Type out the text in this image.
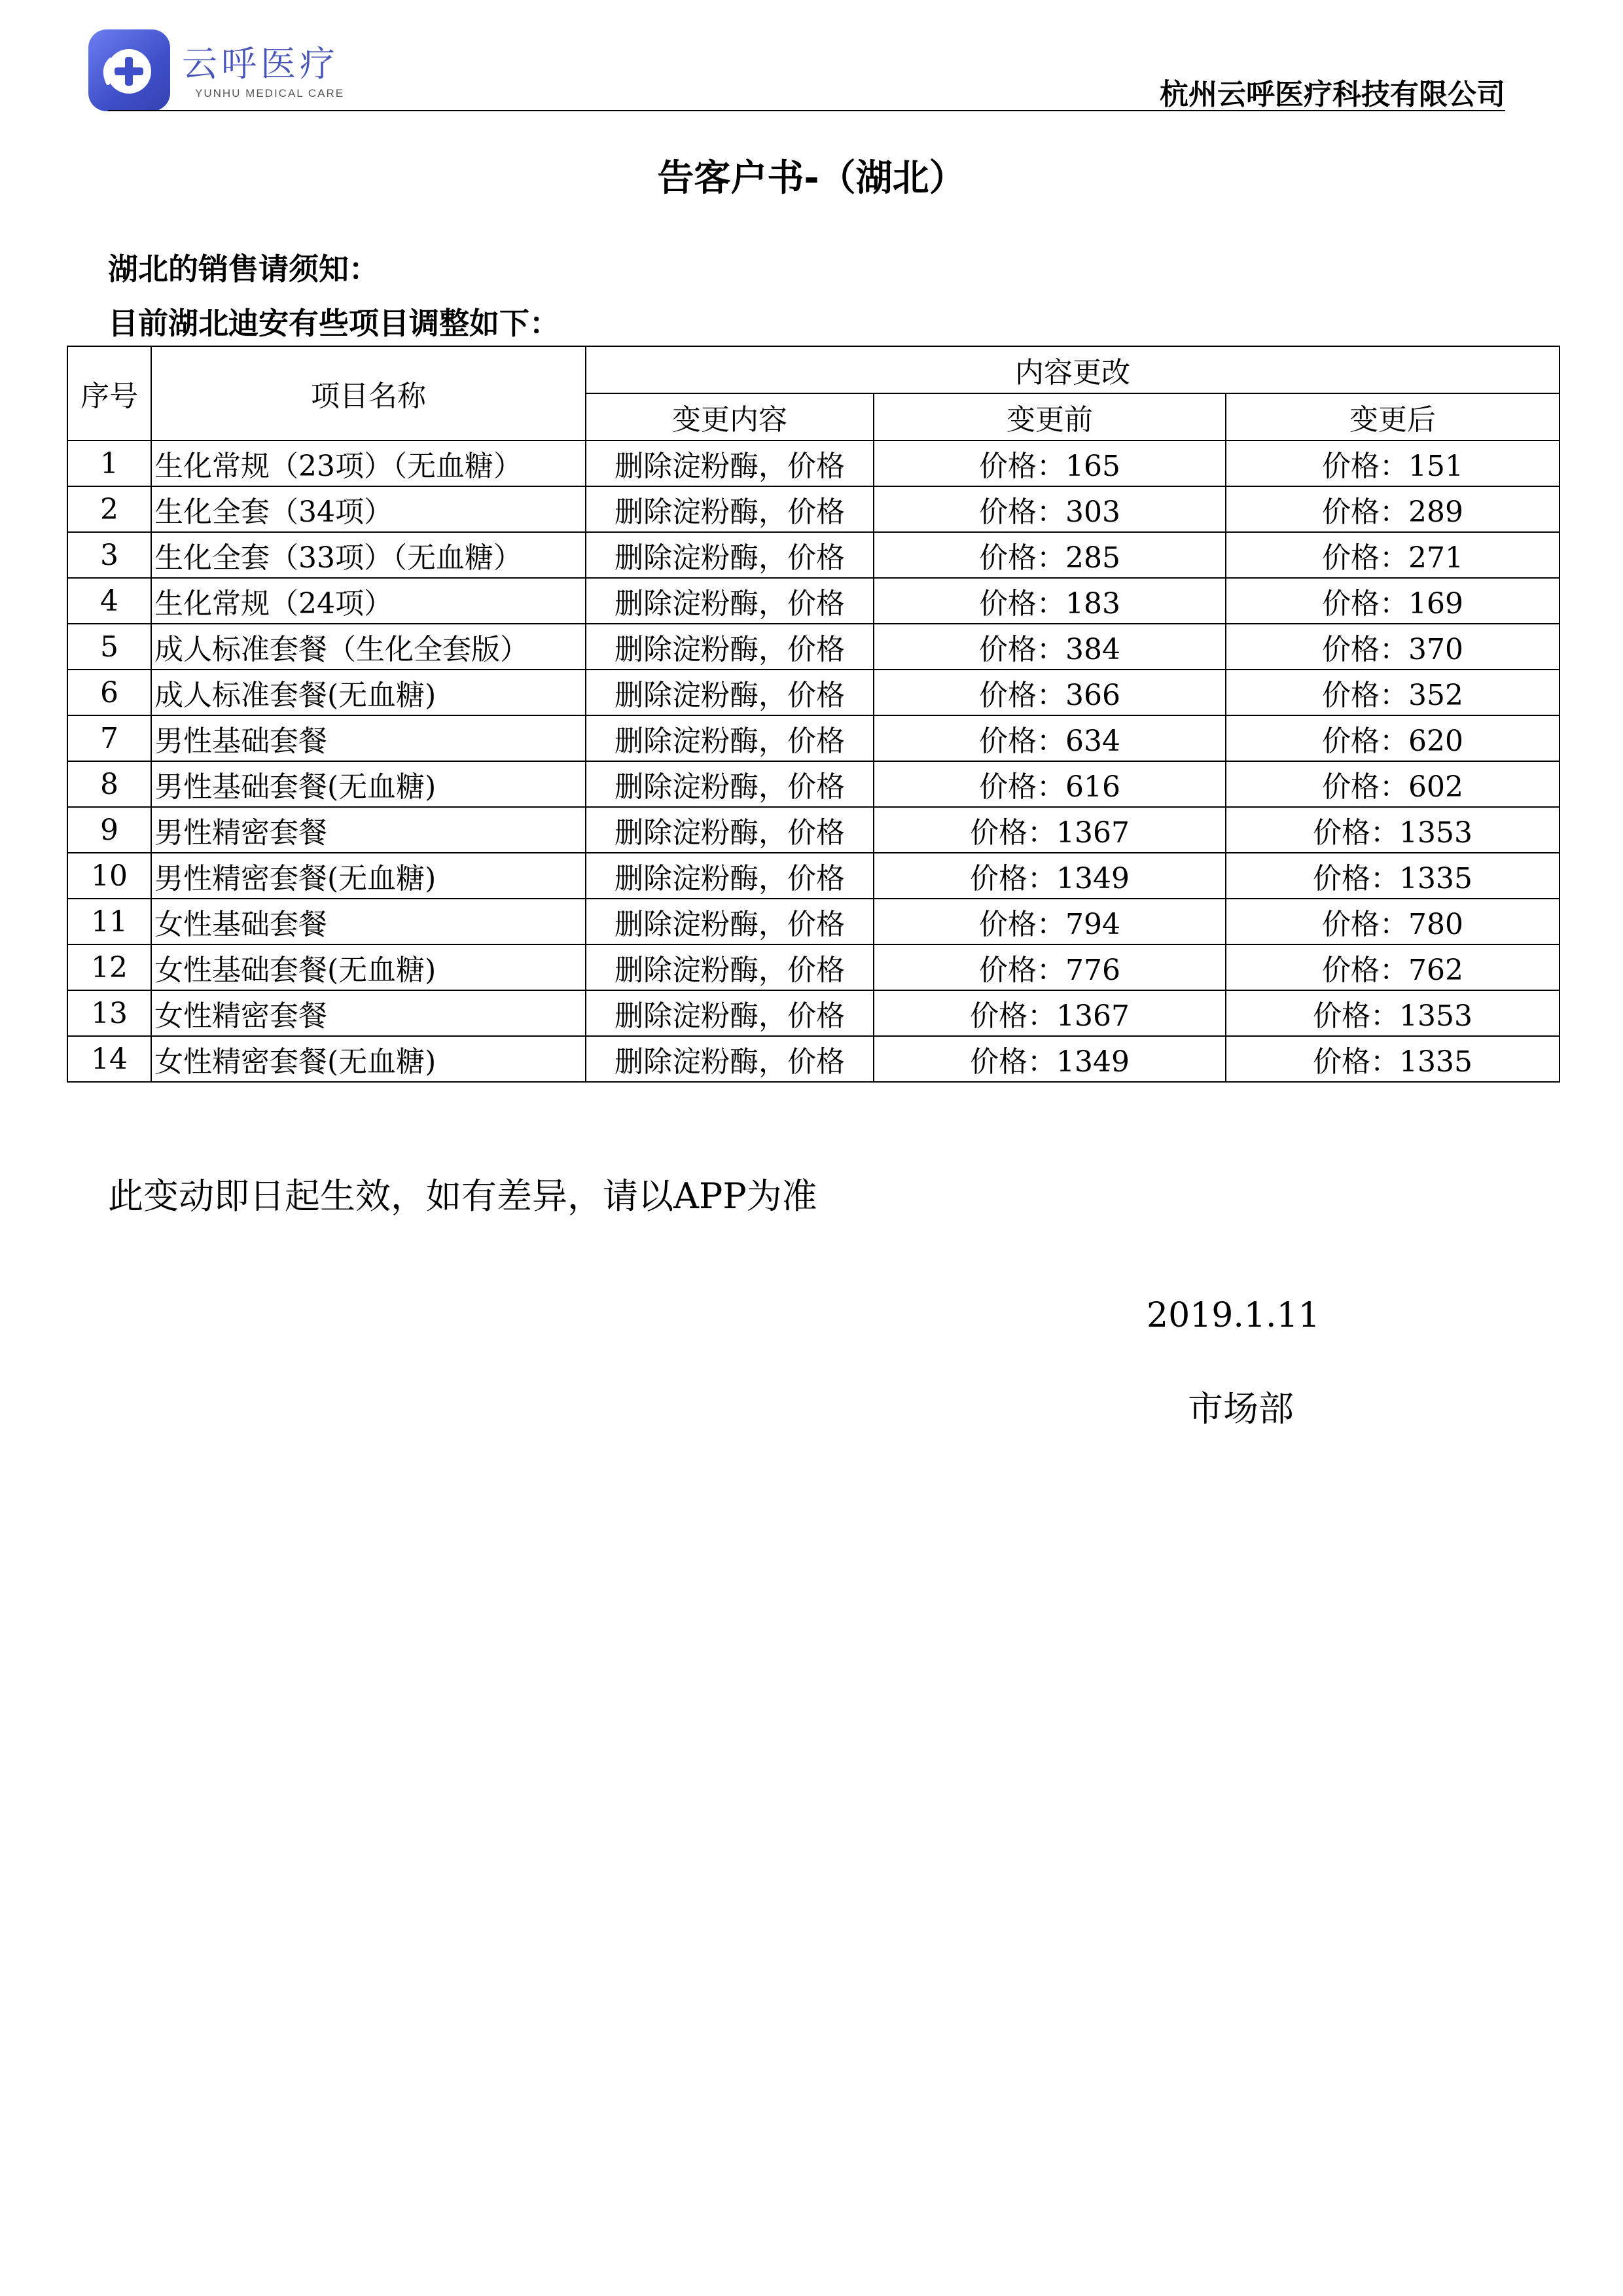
云呼医疗
YUNHU MEDICAL CARE	杭州云呼医疗科技有限公司
告客户书-（湖北）
湖北的销售请须知：
目前湖北迪安有些项目调整如下：
序号	项目名称	内容更改		
		变更内容	变更前	变更后
1	生化常规（23项）（无血糖）	删除淀粉酶，价格	价格：165	价格：151
2	生化全套（34项）	删除淀粉酶，价格	价格：303	价格：289
3	生化全套（33项）（无血糖）	删除淀粉酶，价格	价格：285	价格：271
4	生化常规（24项）	删除淀粉酶，价格	价格：183	价格：169
5	成人标准套餐（生化全套版）	删除淀粉酶，价格	价格：384	价格：370
6	成人标准套餐(无血糖)	删除淀粉酶，价格	价格：366	价格：352
7	男性基础套餐	删除淀粉酶，价格	价格：634	价格：620
8	男性基础套餐(无血糖)	删除淀粉酶，价格	价格：616	价格：602
9	男性精密套餐	删除淀粉酶，价格	价格：1367	价格：1353
10	男性精密套餐(无血糖)	删除淀粉酶，价格	价格：1349	价格：1335
11	女性基础套餐	删除淀粉酶，价格	价格：794	价格：780
12	女性基础套餐(无血糖)	删除淀粉酶，价格	价格：776	价格：762
13	女性精密套餐	删除淀粉酶，价格	价格：1367	价格：1353
14	女性精密套餐(无血糖)	删除淀粉酶，价格	价格：1349	价格：1335
此变动即日起生效，如有差异，请以APP为准
2019.1.11
市场部
